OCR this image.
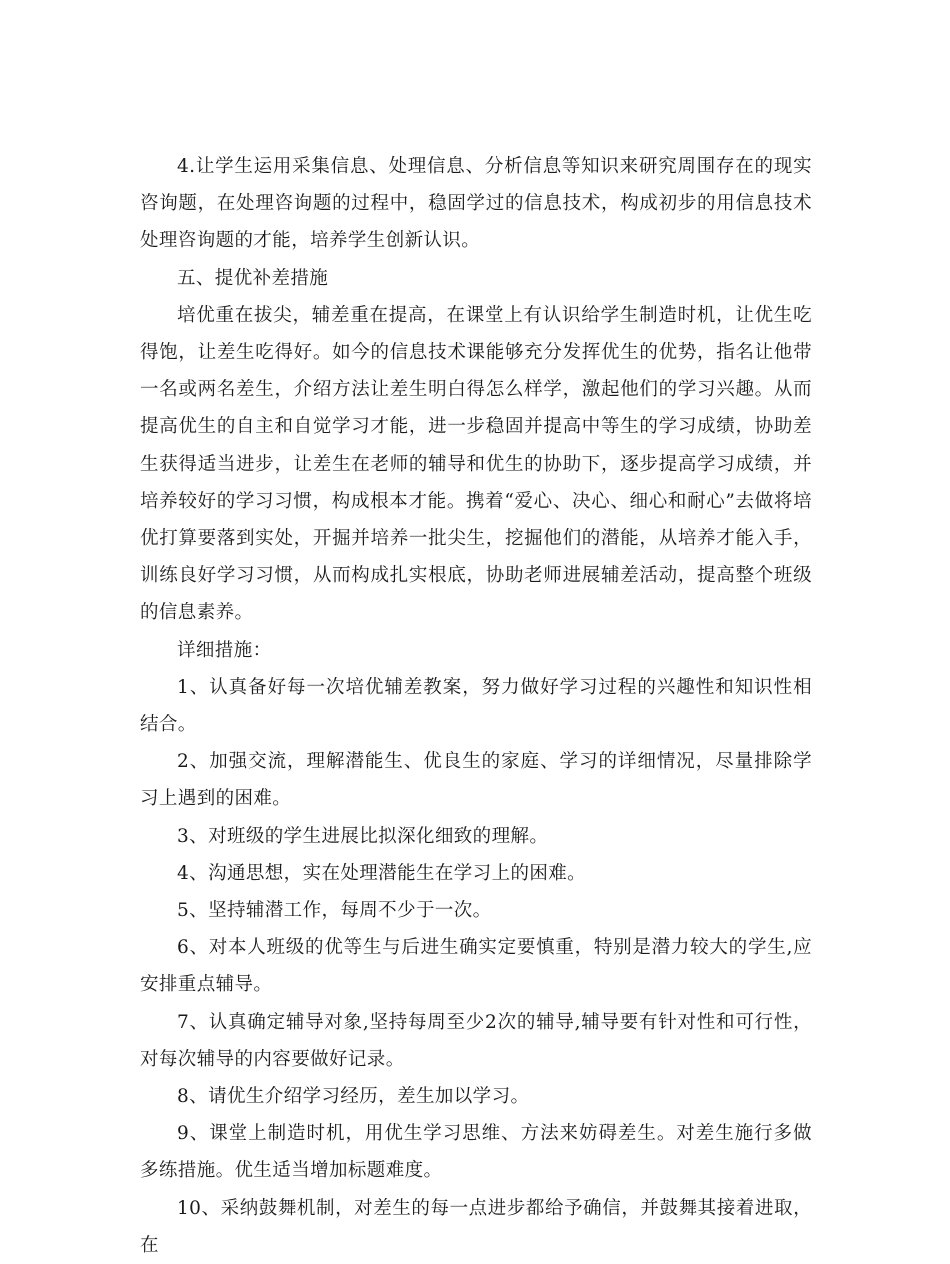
4.让学生运用采集信息、处理信息、分析信息等知识来研究周围存在的现实咨询题，在处理咨询题的过程中，稳固学过的信息技术，构成初步的用信息技术处理咨询题的才能，培养学生创新认识。

五、提优补差措施

培优重在拔尖，辅差重在提高，在课堂上有认识给学生制造时机，让优生吃得饱，让差生吃得好。如今的信息技术课能够充分发挥优生的优势，指名让他带一名或两名差生，介绍方法让差生明白得怎么样学，激起他们的学习兴趣。从而提高优生的自主和自觉学习才能，进一步稳固并提高中等生的学习成绩，协助差生获得适当进步，让差生在老师的辅导和优生的协助下，逐步提高学习成绩，并培养较好的学习习惯，构成根本才能。携着“爱心、决心、细心和耐心”去做将培优打算要落到实处，开掘并培养一批尖生，挖掘他们的潜能，从培养才能入手，训练良好学习习惯，从而构成扎实根底，协助老师进展辅差活动，提高整个班级的信息素养。

详细措施：

1、认真备好每一次培优辅差教案，努力做好学习过程的兴趣性和知识性相结合。

2、加强交流，理解潜能生、优良生的家庭、学习的详细情况，尽量排除学习上遇到的困难。

3、对班级的学生进展比拟深化细致的理解。

4、沟通思想，实在处理潜能生在学习上的困难。

5、坚持辅潜工作，每周不少于一次。

6、对本人班级的优等生与后进生确实定要慎重，特别是潜力较大的学生,应安排重点辅导。

7、认真确定辅导对象,坚持每周至少2次的辅导,辅导要有针对性和可行性，对每次辅导的内容要做好记录。

8、请优生介绍学习经历，差生加以学习。

9、课堂上制造时机，用优生学习思维、方法来妨碍差生。对差生施行多做多练措施。优生适当增加标题难度。

10、采纳鼓舞机制，对差生的每一点进步都给予确信，并鼓舞其接着进取，在
